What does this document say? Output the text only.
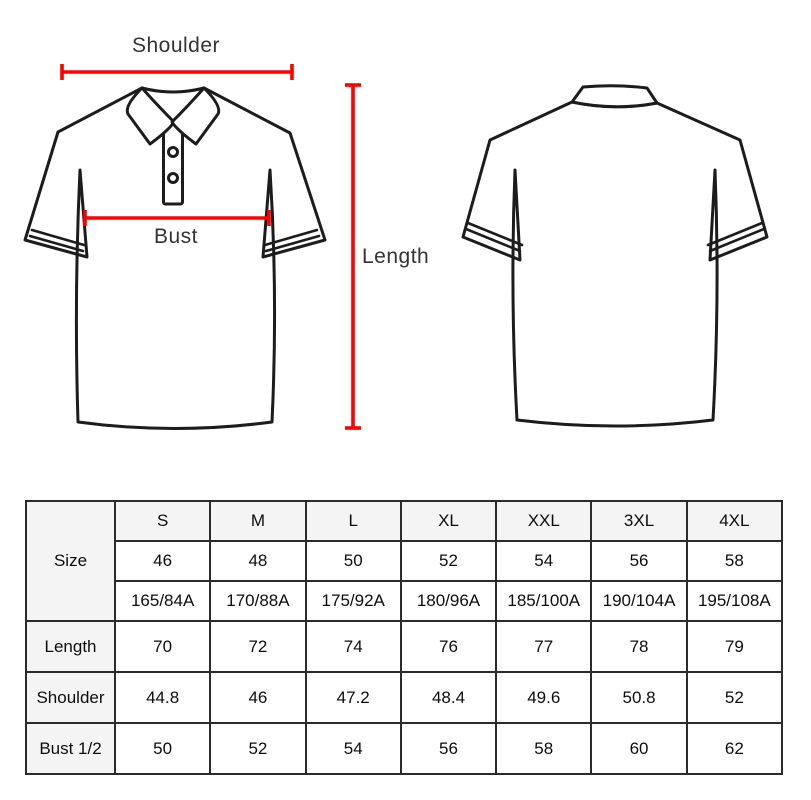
Shoulder
Bust
Length
Size	S	M	L	XL	XXL	3XL	4XL
	46	48	50	52	54	56	58
	165/84A	170/88A	175/92A	180/96A	185/100A	190/104A	195/108A
Length	70	72	74	76	77	78	79
Shoulder	44.8	46	47.2	48.4	49.6	50.8	52
Bust 1/2	50	52	54	56	58	60	62
